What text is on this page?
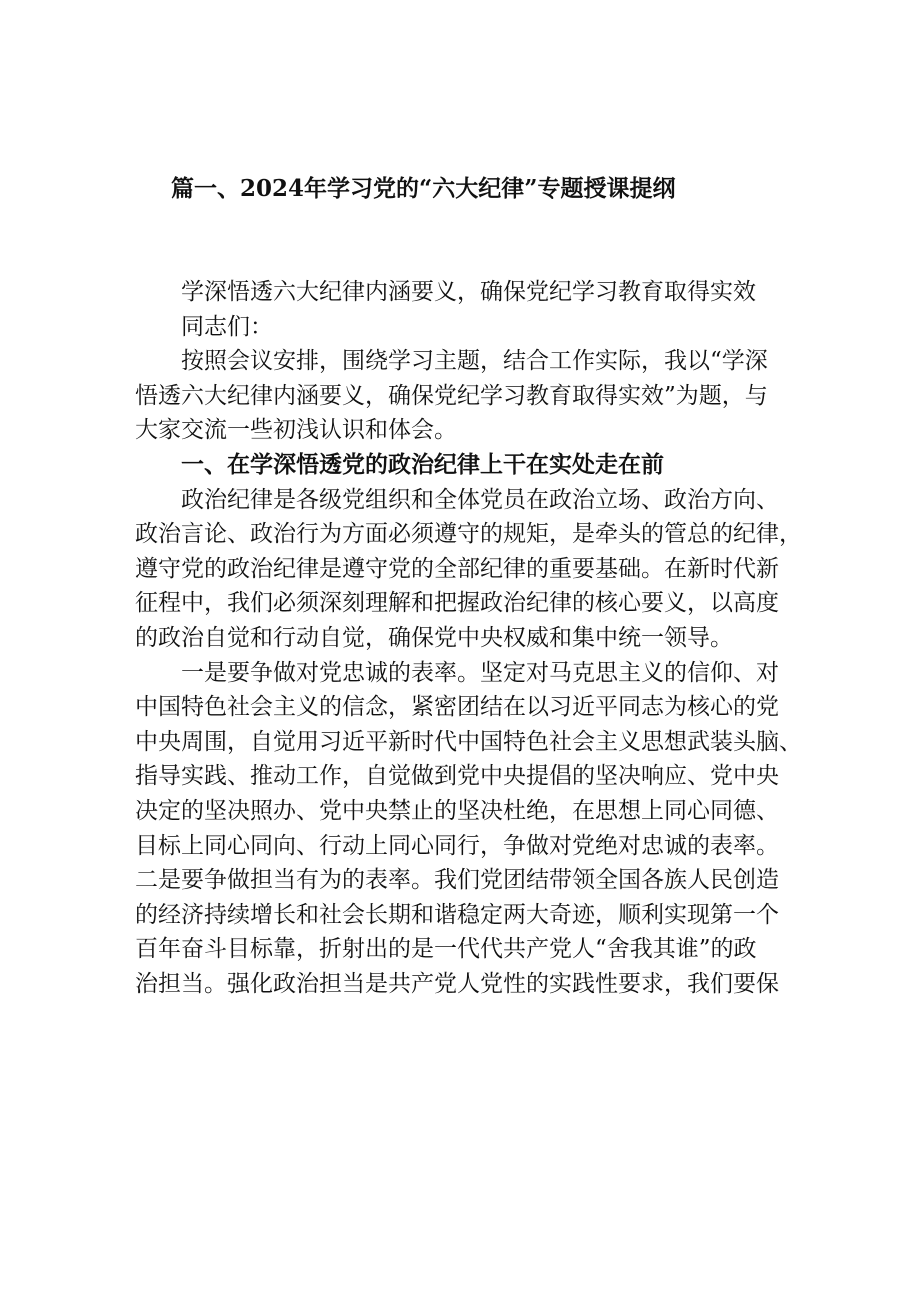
篇一、2024年学习党的“六大纪律”专题授课提纲
学深悟透六大纪律内涵要义，确保党纪学习教育取得实效
同志们：
按照会议安排，围绕学习主题，结合工作实际，我以“学深
悟透六大纪律内涵要义，确保党纪学习教育取得实效”为题，与
大家交流一些初浅认识和体会。
一、在学深悟透党的政治纪律上干在实处走在前
政治纪律是各级党组织和全体党员在政治立场、政治方向、
政治言论、政治行为方面必须遵守的规矩，是牵头的管总的纪律，
遵守党的政治纪律是遵守党的全部纪律的重要基础。在新时代新
征程中，我们必须深刻理解和把握政治纪律的核心要义，以高度
的政治自觉和行动自觉，确保党中央权威和集中统一领导。
一是要争做对党忠诚的表率。坚定对马克思主义的信仰、对
中国特色社会主义的信念，紧密团结在以习近平同志为核心的党
中央周围，自觉用习近平新时代中国特色社会主义思想武装头脑、
指导实践、推动工作，自觉做到党中央提倡的坚决响应、党中央
决定的坚决照办、党中央禁止的坚决杜绝，在思想上同心同德、
目标上同心同向、行动上同心同行，争做对党绝对忠诚的表率。
二是要争做担当有为的表率。我们党团结带领全国各族人民创造
的经济持续增长和社会长期和谐稳定两大奇迹，顺利实现第一个
百年奋斗目标靠，折射出的是一代代共产党人“舍我其谁”的政
治担当。强化政治担当是共产党人党性的实践性要求，我们要保
